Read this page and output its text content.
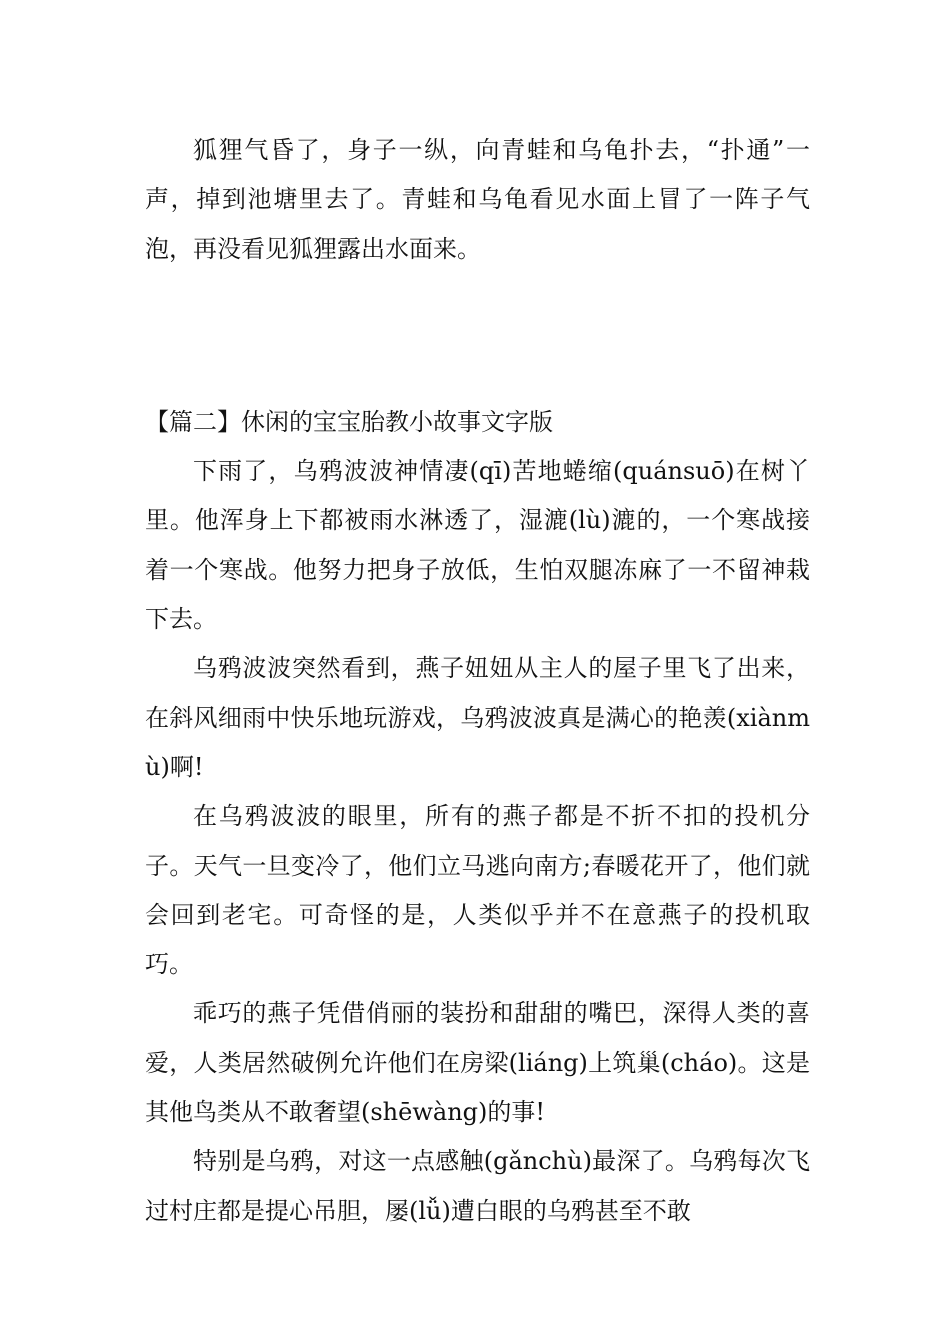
狐狸气昏了，身子一纵，向青蛙和乌龟扑去，“扑通”一声，掉到池塘里去了。青蛙和乌龟看见水面上冒了一阵子气泡，再没看见狐狸露出水面来。

【篇二】休闲的宝宝胎教小故事文字版

下雨了，乌鸦波波神情凄(qī)苦地蜷缩(quánsuō)在树丫里。他浑身上下都被雨水淋透了，湿漉(lù)漉的，一个寒战接着一个寒战。他努力把身子放低，生怕双腿冻麻了一不留神栽下去。

乌鸦波波突然看到，燕子妞妞从主人的屋子里飞了出来，在斜风细雨中快乐地玩游戏，乌鸦波波真是满心的艳羡(xiànmù)啊!

在乌鸦波波的眼里，所有的燕子都是不折不扣的投机分子。天气一旦变冷了，他们立马逃向南方;春暖花开了，他们就会回到老宅。可奇怪的是，人类似乎并不在意燕子的投机取巧。

乖巧的燕子凭借俏丽的装扮和甜甜的嘴巴，深得人类的喜爱，人类居然破例允许他们在房梁(liáng)上筑巢(cháo)。这是其他鸟类从不敢奢望(shēwàng)的事!

特别是乌鸦，对这一点感触(gǎnchù)最深了。乌鸦每次飞过村庄都是提心吊胆，屡(lǚ)遭白眼的乌鸦甚至不敢
